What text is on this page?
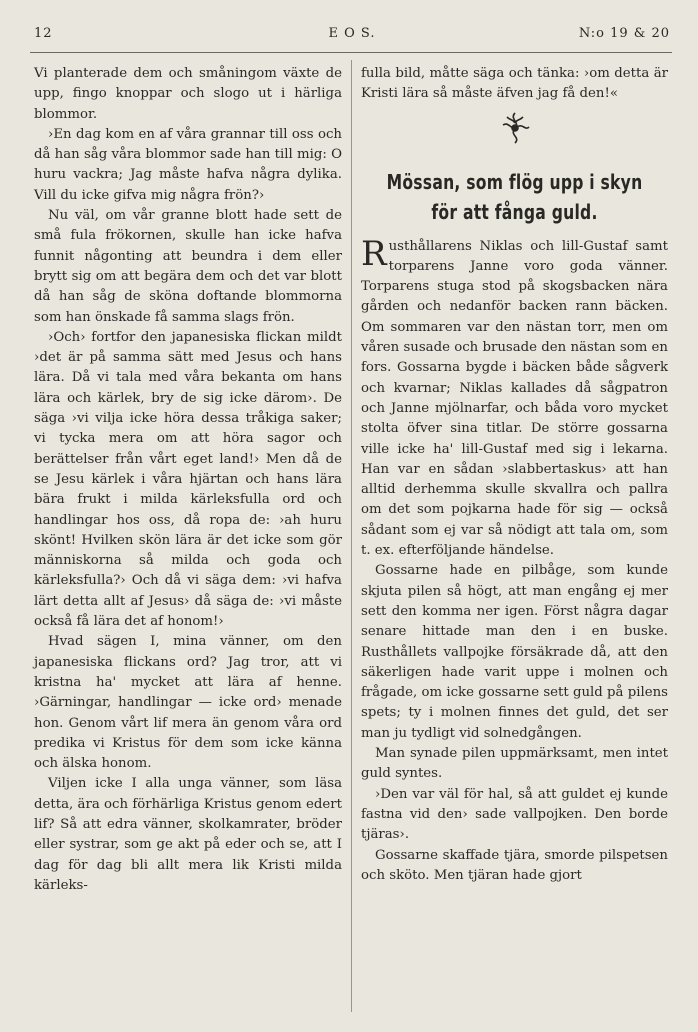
12	E O S.	N:o 19 & 20

Vi planterade dem och småningom växte de upp, fingo knoppar och slogo ut i härliga blommor.

›En dag kom en af våra grannar till oss och då han såg våra blommor sade han till mig: O huru vackra; Jag måste hafva några dylika. Vill du icke gifva mig några frön?›

Nu väl, om vår granne blott hade sett de små fula frökornen, skulle han icke hafva funnit någonting att beundra i dem eller brytt sig om att begära dem och det var blott då han såg de sköna doftande blommorna som han önskade få samma slags frön.

›Och› fortfor den japanesiska flickan mildt ›det är på samma sätt med Jesus och hans lära. Då vi tala med våra bekanta om hans lära och kärlek, bry de sig icke därom›. De säga ›vi vilja icke höra dessa tråkiga saker; vi tycka mera om att höra sagor och berättelser från vårt eget land!› Men då de se Jesu kärlek i våra hjärtan och hans lära bära frukt i milda kärleksfulla ord och handlingar hos oss, då ropa de: ›ah huru skönt! Hvilken skön lära är det icke som gör människorna så milda och goda och kärleksfulla?› Och då vi säga dem: ›vi hafva lärt detta allt af Jesus› då säga de: ›vi måste också få lära det af honom!›

Hvad sägen I, mina vänner, om den japanesiska flickans ord? Jag tror, att vi kristna ha' mycket att lära af henne. ›Gärningar, handlingar — icke ord› menade hon. Genom vårt lif mera än genom våra ord predika vi Kristus för dem som icke känna och älska honom.

Viljen icke I alla unga vänner, som läsa detta, ära och förhärliga Kristus genom edert lif? Så att edra vänner, skolkamrater, bröder eller systrar, som ge akt på eder och se, att I dag för dag bli allt mera lik Kristi milda kärleks-

fulla bild, måtte säga och tänka: ›om detta är Kristi lära så måste äfven jag få den!«

Mössan, som flög upp i skyn för att fånga guld.

Rusthållarens Niklas och lill-Gustaf samt torparens Janne voro goda vänner. Torparens stuga stod på skogsbacken nära gården och nedanför backen rann bäcken. Om sommaren var den nästan torr, men om våren susade och brusade den nästan som en fors. Gossarna bygde i bäcken både sågverk och kvarnar; Niklas kallades då sågpatron och Janne mjölnarfar, och båda voro mycket stolta öfver sina titlar. De större gossarna ville icke ha' lill-Gustaf med sig i lekarna. Han var en sådan ›slabbertaskus› att han alltid derhemma skulle skvallra och pallra om det som pojkarna hade för sig — också sådant som ej var så nödigt att tala om, som t. ex. efterföljande händelse.

Gossarne hade en pilbåge, som kunde skjuta pilen så högt, att man engång ej mer sett den komma ner igen. Först några dagar senare hittade man den i en buske. Rusthållets vallpojke försäkrade då, att den säkerligen hade varit uppe i molnen och frågade, om icke gossarne sett guld på pilens spets; ty i molnen finnes det guld, det ser man ju tydligt vid solnedgången.

Man synade pilen uppmärksamt, men intet guld syntes.

›Den var väl för hal, så att guldet ej kunde fastna vid den› sade vallpojken. Den borde tjäras›.

Gossarne skaffade tjära, smorde pilspetsen och sköto. Men tjäran hade gjort
